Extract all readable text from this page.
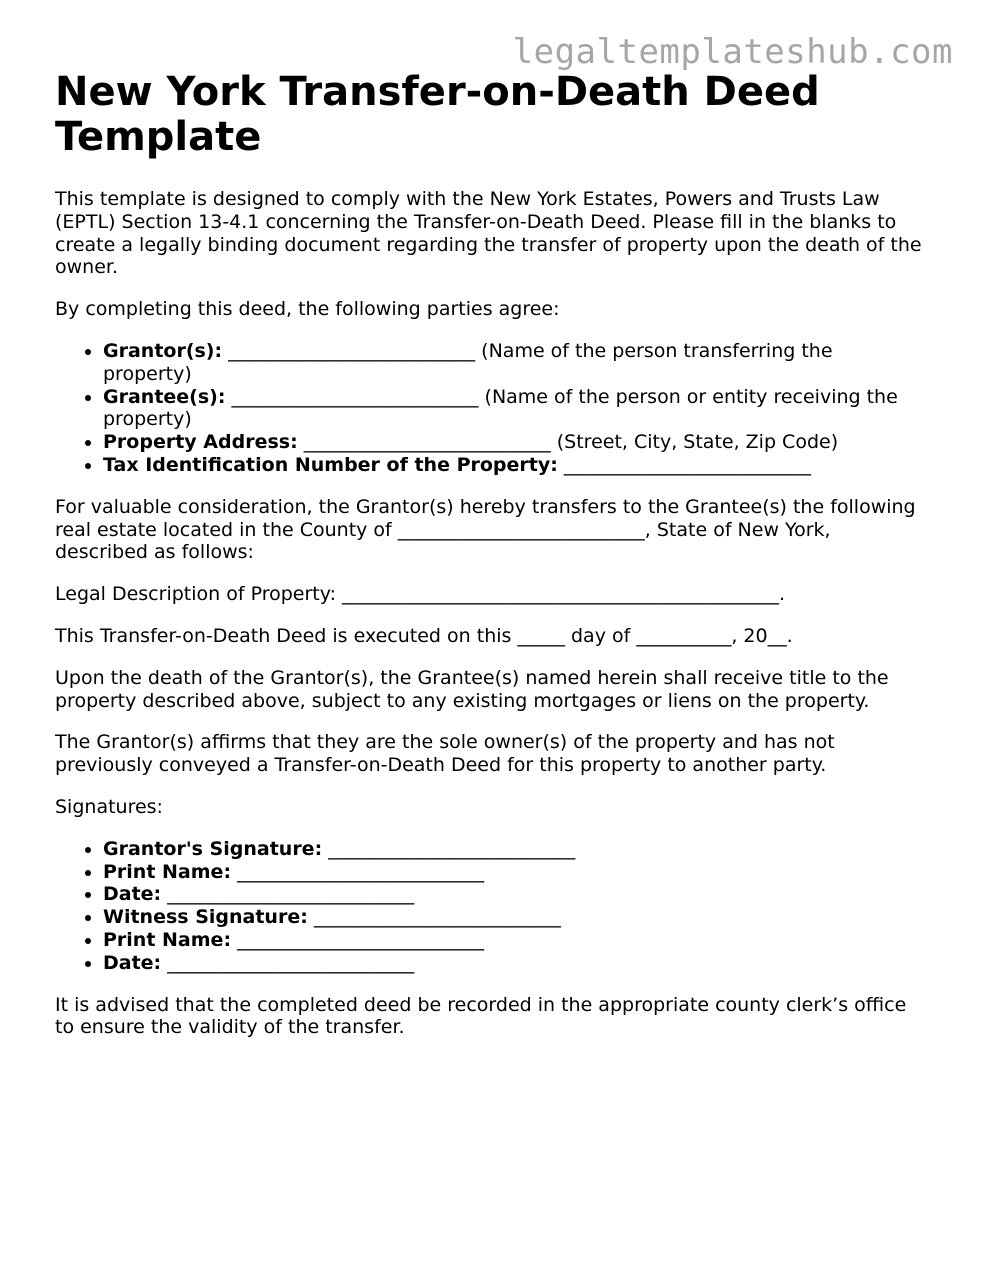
legaltemplateshub.com

New York Transfer-on-Death Deed Template

This template is designed to comply with the New York Estates, Powers and Trusts Law (EPTL) Section 13-4.1 concerning the Transfer-on-Death Deed. Please fill in the blanks to create a legally binding document regarding the transfer of property upon the death of the owner.

By completing this deed, the following parties agree:

• Grantor(s): __________________________ (Name of the person transferring the property)
• Grantee(s): __________________________ (Name of the person or entity receiving the property)
• Property Address: __________________________ (Street, City, State, Zip Code)
• Tax Identification Number of the Property: __________________________

For valuable consideration, the Grantor(s) hereby transfers to the Grantee(s) the following real estate located in the County of __________________________, State of New York, described as follows:

Legal Description of Property: ______________________________________________.

This Transfer-on-Death Deed is executed on this _____ day of __________, 20__.

Upon the death of the Grantor(s), the Grantee(s) named herein shall receive title to the property described above, subject to any existing mortgages or liens on the property.

The Grantor(s) affirms that they are the sole owner(s) of the property and has not previously conveyed a Transfer-on-Death Deed for this property to another party.

Signatures:

• Grantor's Signature: __________________________
• Print Name: __________________________
• Date: __________________________
• Witness Signature: __________________________
• Print Name: __________________________
• Date: __________________________

It is advised that the completed deed be recorded in the appropriate county clerk’s office to ensure the validity of the transfer.
